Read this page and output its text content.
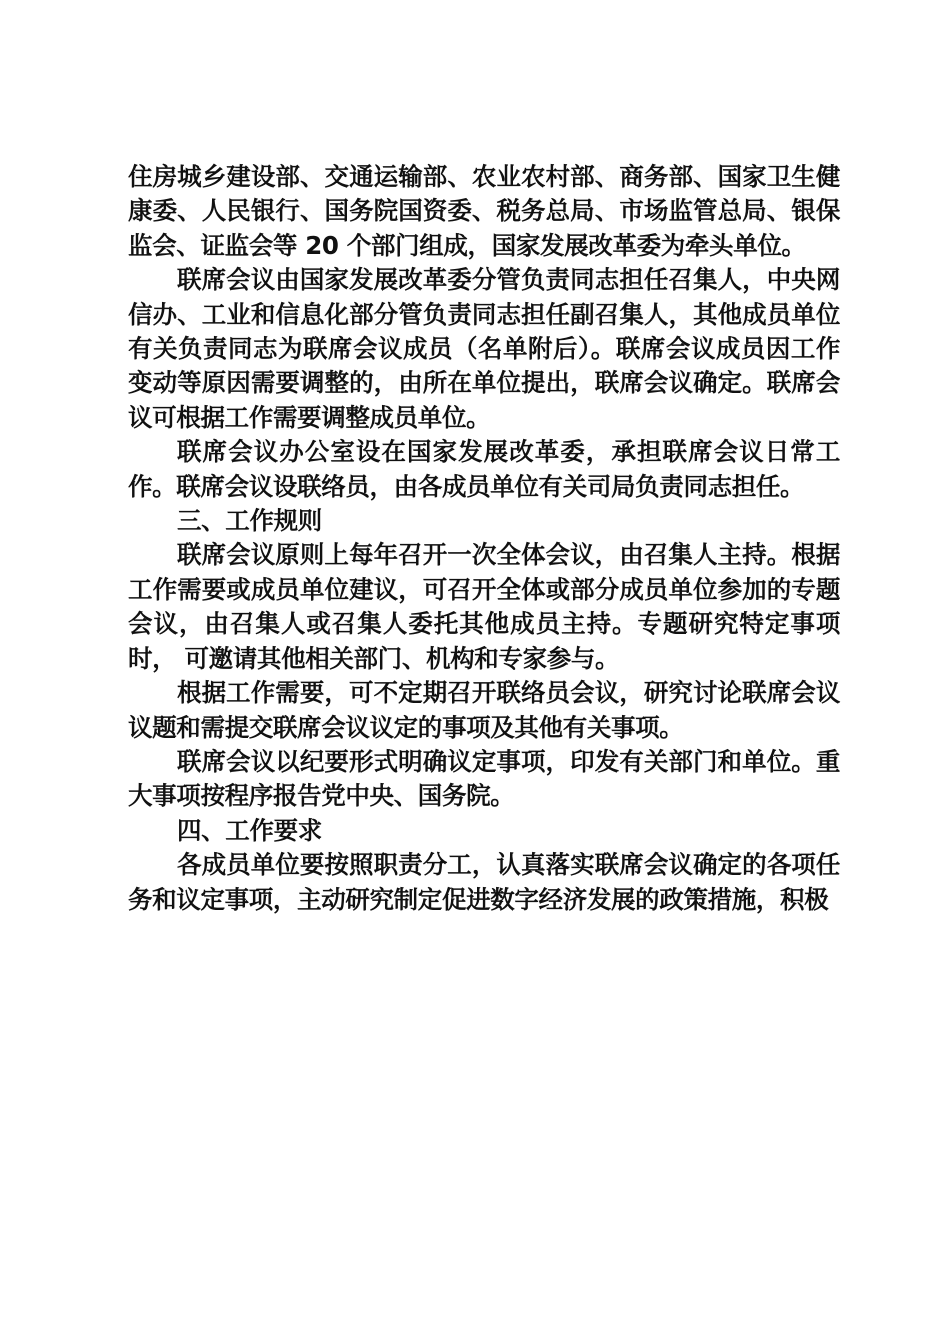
住房城乡建设部、交通运输部、农业农村部、商务部、国家卫生健康委、人民银行、国务院国资委、税务总局、市场监管总局、银保监会、证监会等 20 个部门组成，国家发展改革委为牵头单位。

联席会议由国家发展改革委分管负责同志担任召集人，中央网信办、工业和信息化部分管负责同志担任副召集人，其他成员单位有关负责同志为联席会议成员（名单附后）。联席会议成员因工作变动等原因需要调整的，由所在单位提出，联席会议确定。联席会议可根据工作需要调整成员单位。

联席会议办公室设在国家发展改革委，承担联席会议日常工作。联席会议设联络员，由各成员单位有关司局负责同志担任。

三、工作规则

联席会议原则上每年召开一次全体会议，由召集人主持。根据工作需要或成员单位建议，可召开全体或部分成员单位参加的专题会议，由召集人或召集人委托其他成员主持。专题研究特定事项时， 可邀请其他相关部门、机构和专家参与。

根据工作需要，可不定期召开联络员会议，研究讨论联席会议议题和需提交联席会议议定的事项及其他有关事项。

联席会议以纪要形式明确议定事项，印发有关部门和单位。重大事项按程序报告党中央、国务院。

四、工作要求

各成员单位要按照职责分工，认真落实联席会议确定的各项任务和议定事项，主动研究制定促进数字经济发展的政策措施，积极
